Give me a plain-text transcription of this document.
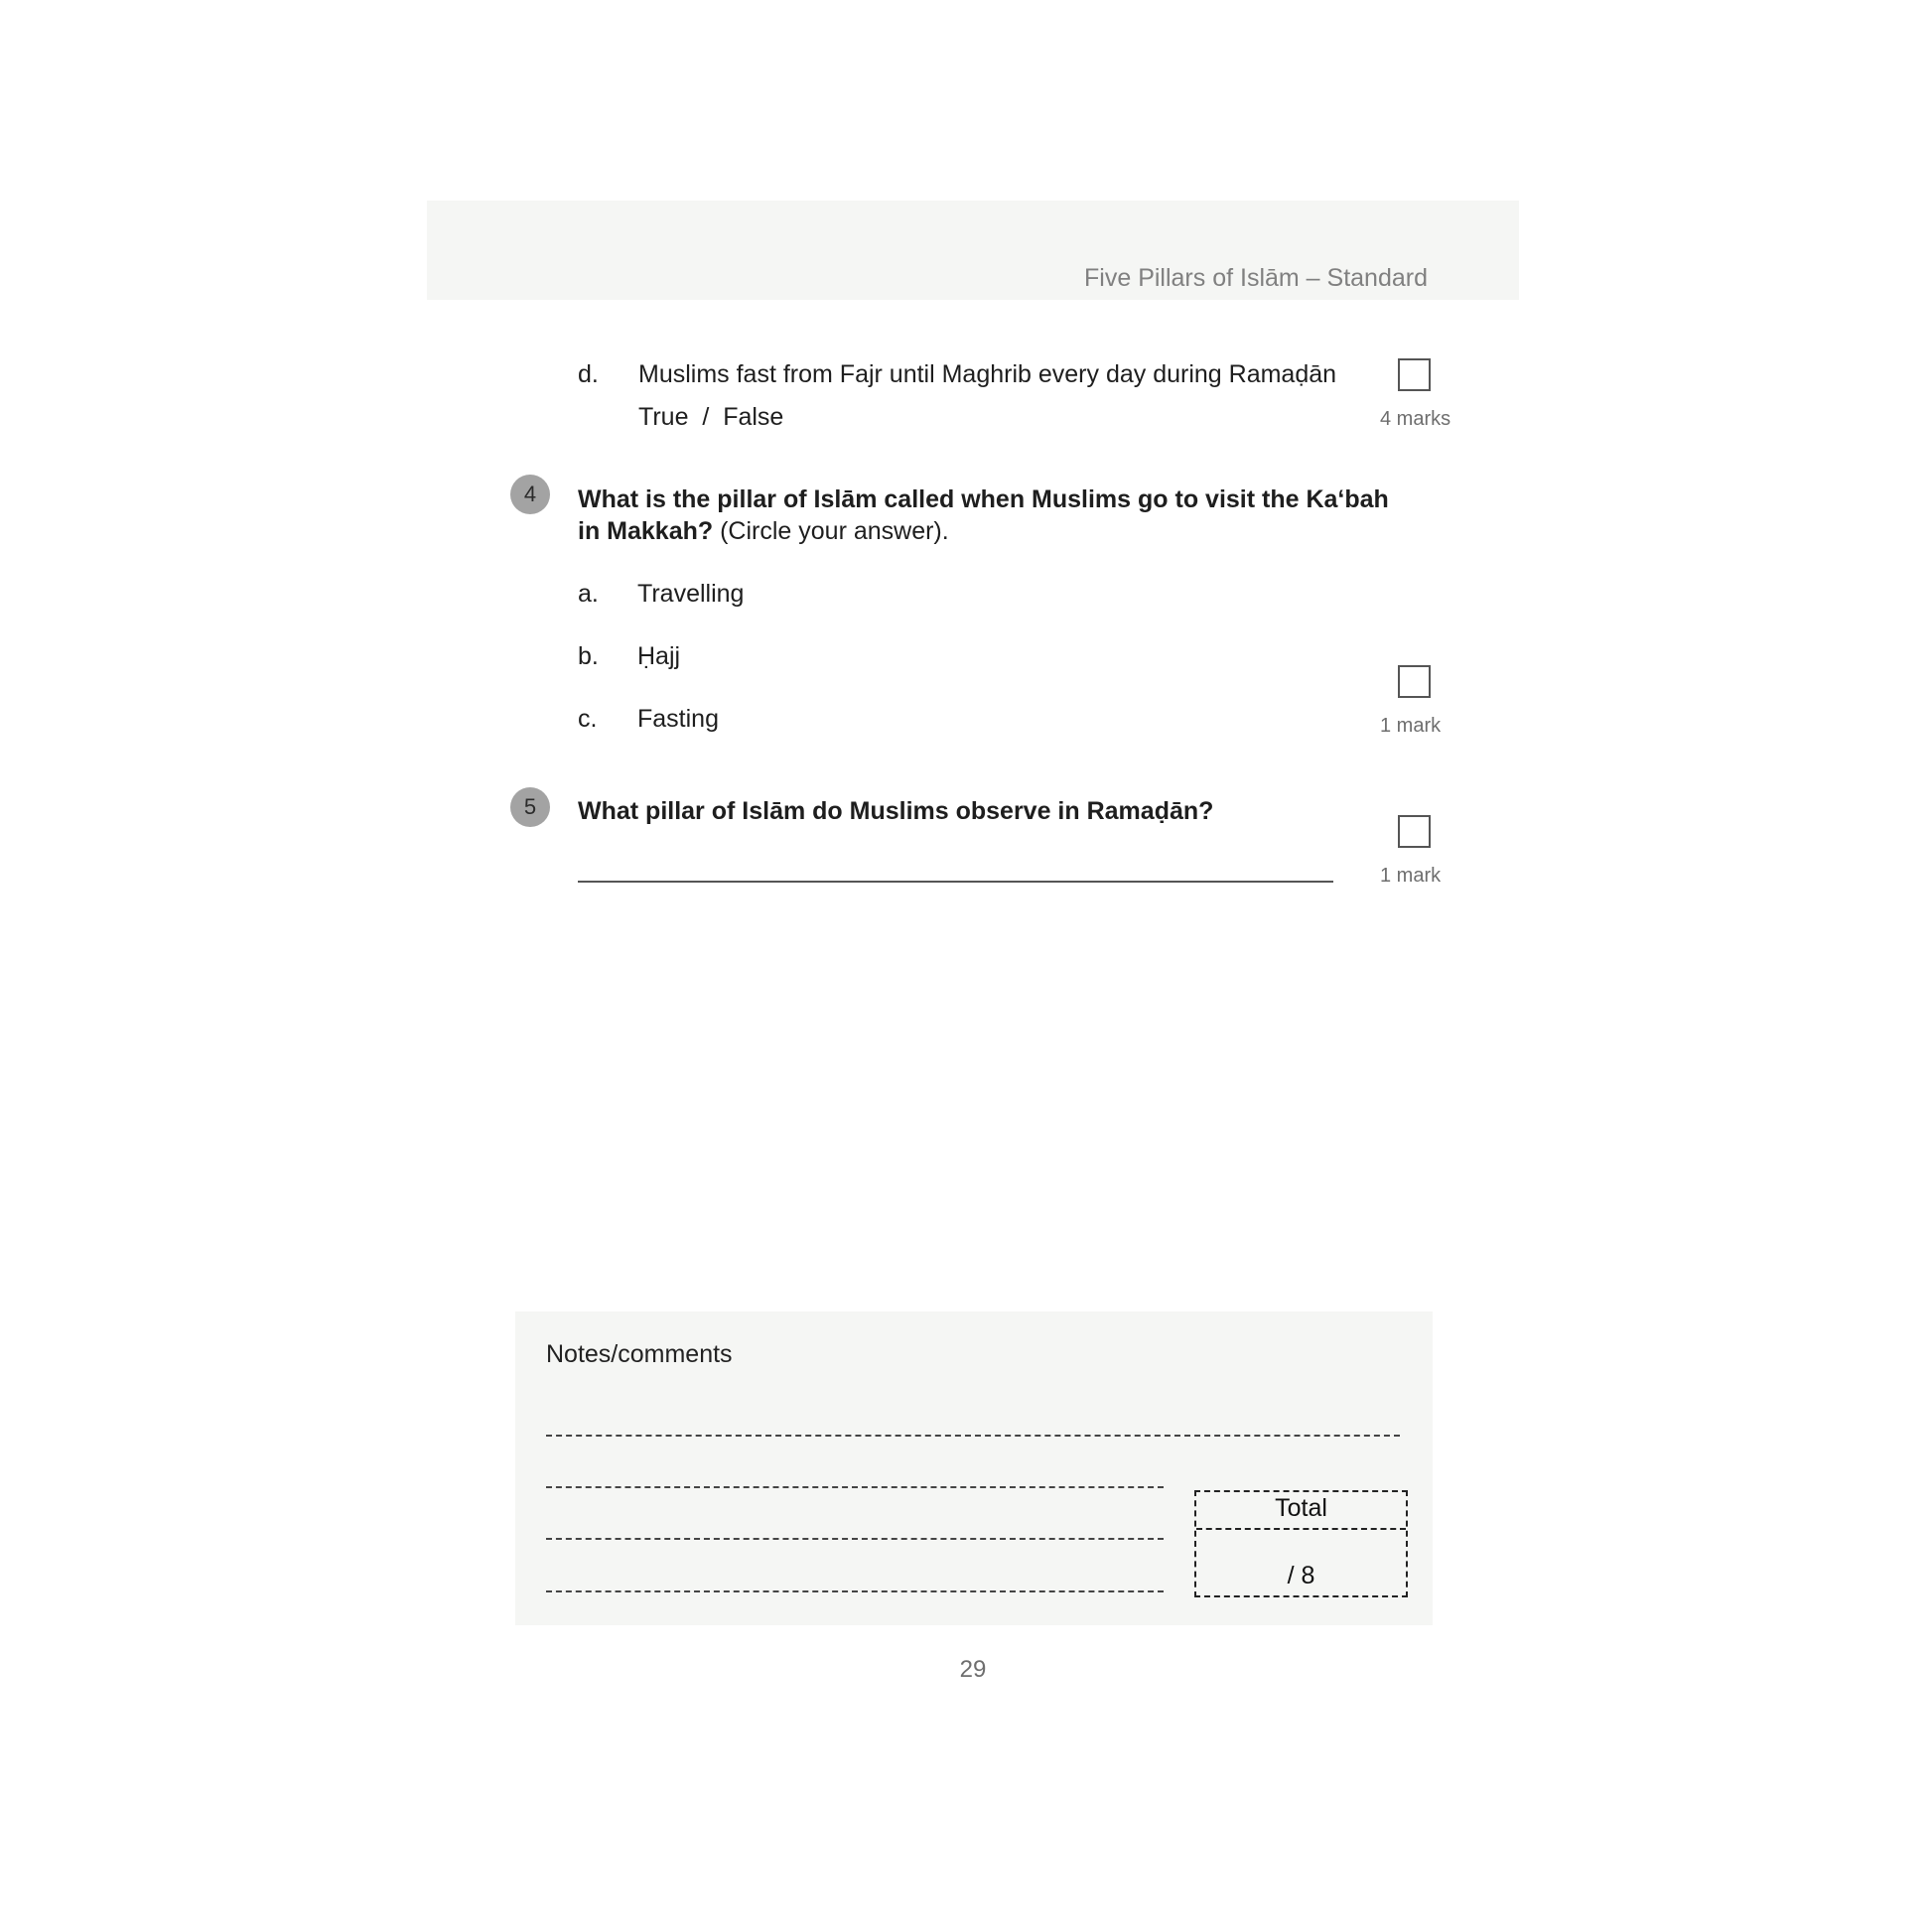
Five Pillars of Islām – Standard
d. Muslims fast from Fajr until Maghrib every day during Ramaḍān
True  /  False	4 marks
4	What is the pillar of Islām called when Muslims go to visit the Ka‘bah
in Makkah? (Circle your answer).
a. Travelling
b. Ḥajj
c. Fasting	1 mark
5	What pillar of Islām do Muslims observe in Ramaḍān?
1 mark
Notes/comments
Total
/ 8
29
